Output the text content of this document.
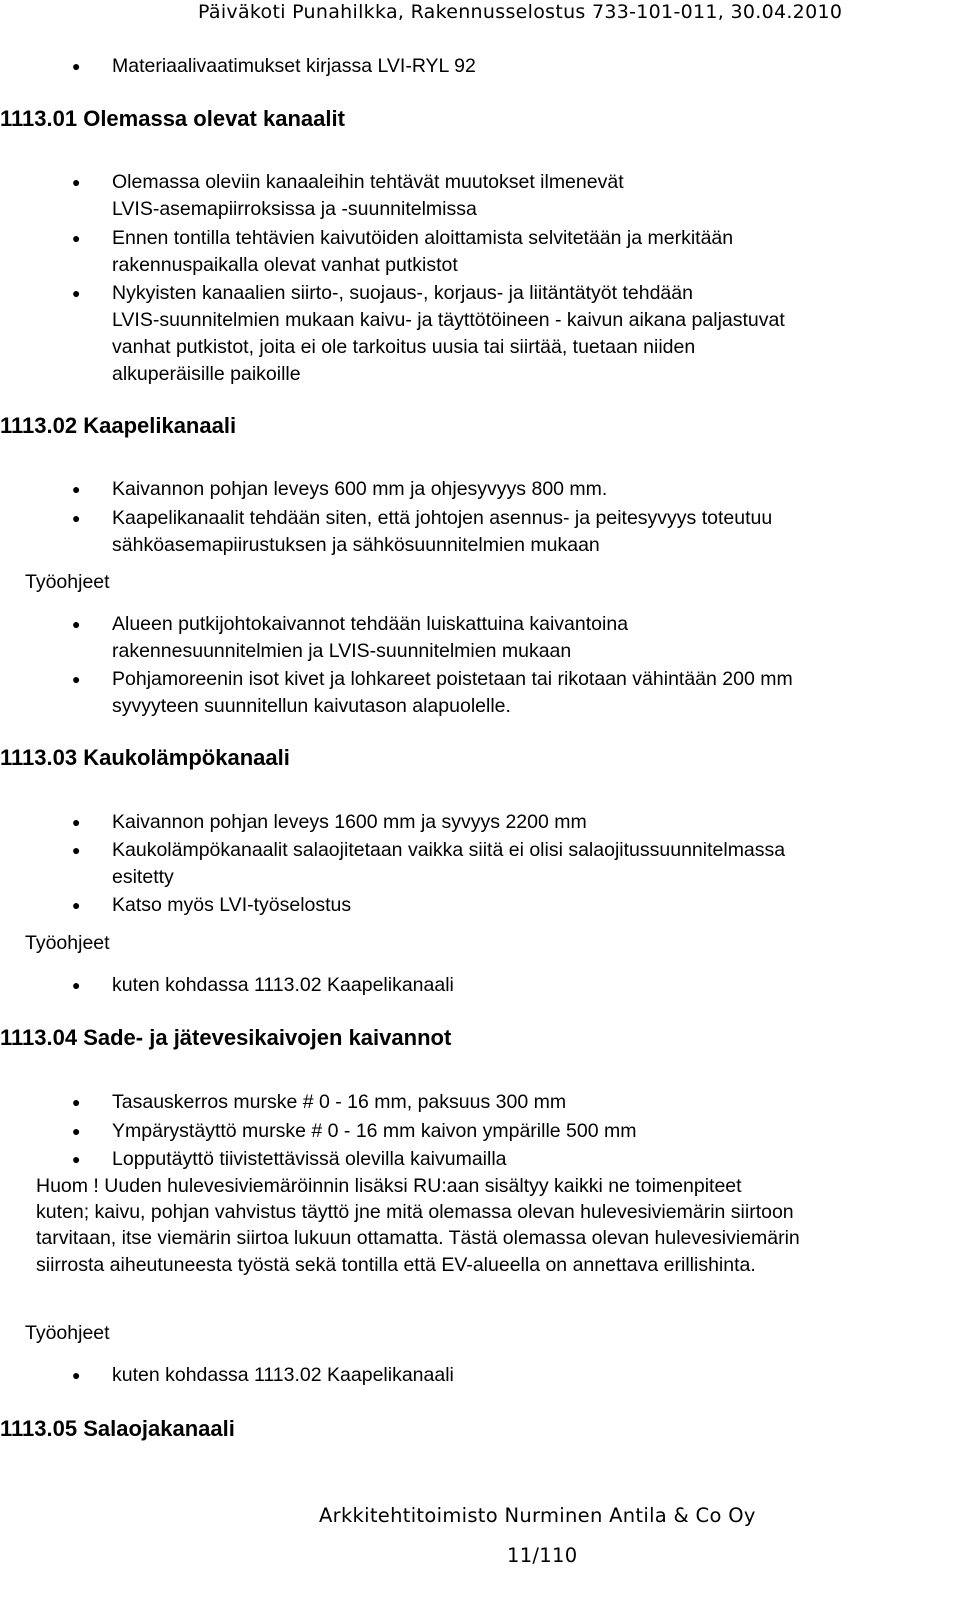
Päiväkoti Punahilkka, Rakennusselostus 733-101-011, 30.04.2010
●
Materiaalivaatimukset kirjassa LVI-RYL 92
1113.01 Olemassa olevat kanaalit
●
Olemassa oleviin kanaaleihin tehtävät muutokset ilmenevät
LVIS-asemapiirroksissa ja -suunnitelmissa
●
Ennen tontilla tehtävien kaivutöiden aloittamista selvitetään ja merkitään
rakennuspaikalla olevat vanhat putkistot
●
Nykyisten kanaalien siirto-, suojaus-, korjaus- ja liitäntätyöt tehdään
LVIS-suunnitelmien mukaan kaivu- ja täyttötöineen - kaivun aikana paljastuvat
vanhat putkistot, joita ei ole tarkoitus uusia tai siirtää, tuetaan niiden
alkuperäisille paikoille
1113.02 Kaapelikanaali
●
Kaivannon pohjan leveys 600 mm ja ohjesyvyys 800 mm.
●
Kaapelikanaalit tehdään siten, että johtojen asennus- ja peitesyvyys toteutuu
sähköasemapiirustuksen ja sähkösuunnitelmien mukaan
Työohjeet
●
Alueen putkijohtokaivannot tehdään luiskattuina kaivantoina
rakennesuunnitelmien ja LVIS-suunnitelmien mukaan
●
Pohjamoreenin isot kivet ja lohkareet poistetaan tai rikotaan vähintään 200 mm
syvyyteen suunnitellun kaivutason alapuolelle.
1113.03 Kaukolämpökanaali
●
Kaivannon pohjan leveys 1600 mm ja syvyys 2200 mm
●
Kaukolämpökanaalit salaojitetaan vaikka siitä ei olisi salaojitussuunnitelmassa
esitetty
●
Katso myös LVI-työselostus
Työohjeet
●
kuten kohdassa 1113.02 Kaapelikanaali
1113.04 Sade- ja jätevesikaivojen kaivannot
●
Tasauskerros murske # 0 - 16 mm, paksuus 300 mm
●
Ympärystäyttö murske # 0 - 16 mm kaivon ympärille 500 mm
●
Lopputäyttö tiivistettävissä olevilla kaivumailla
Huom ! Uuden hulevesiviemäröinnin lisäksi RU:aan sisältyy kaikki ne toimenpiteet
kuten; kaivu, pohjan vahvistus täyttö jne mitä olemassa olevan hulevesiviemärin siirtoon
tarvitaan, itse viemärin siirtoa lukuun ottamatta. Tästä olemassa olevan hulevesiviemärin
siirrosta aiheutuneesta työstä sekä tontilla että EV-alueella on annettava erillishinta.
Työohjeet
●
kuten kohdassa 1113.02 Kaapelikanaali
1113.05 Salaojakanaali
Arkkitehtitoimisto Nurminen Antila & Co Oy
11/110
